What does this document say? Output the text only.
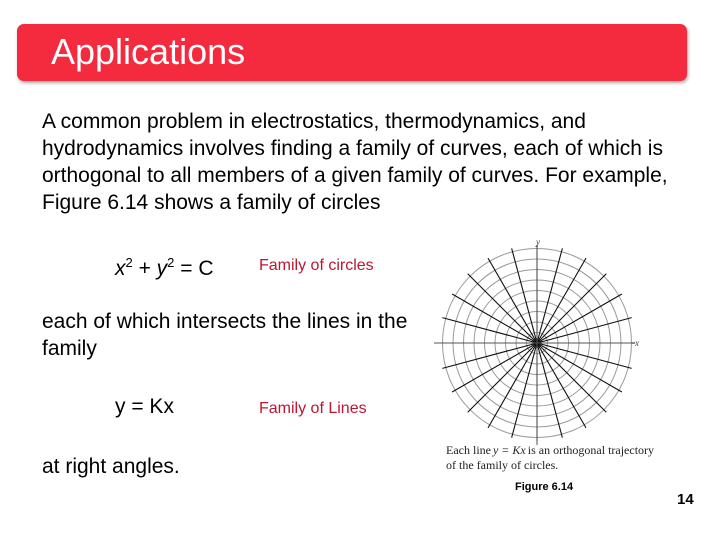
Applications
A common problem in electrostatics, thermodynamics, and hydrodynamics involves finding a family of curves, each of which is orthogonal to all members of a given family of curves. For example, Figure 6.14 shows a family of circles
$x^2 + y^2 = C$	Family of circles
each of which intersects the lines in the family
y = Kx	Family of Lines
at right angles.
y
x
Each line y = Kx is an orthogonal trajectory of the family of circles.
Figure 6.14
14
